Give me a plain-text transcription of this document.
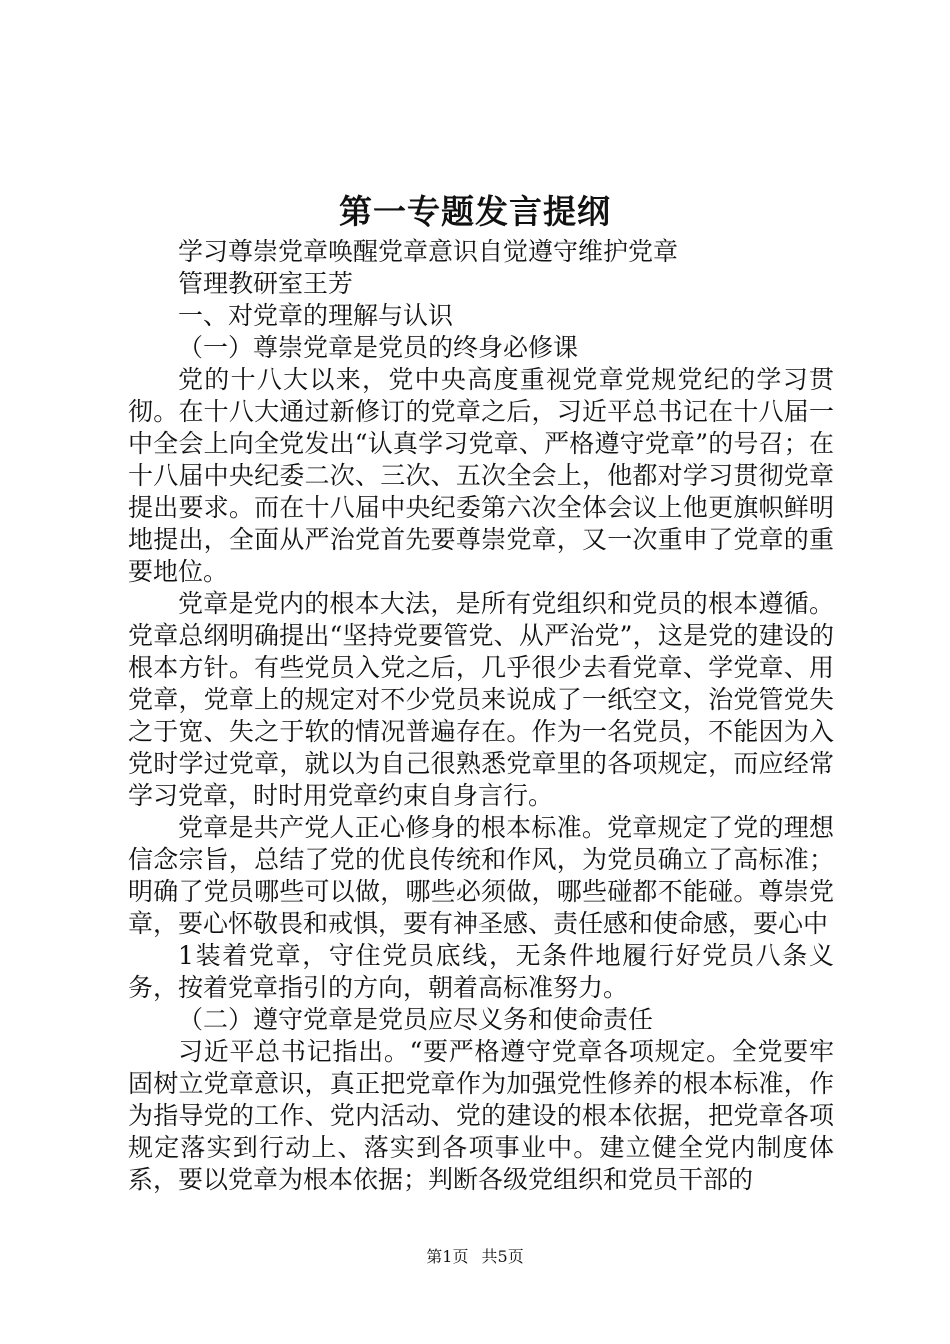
第一专题发言提纲

学习尊崇党章唤醒党章意识自觉遵守维护党章

管理教研室王芳

一、对党章的理解与认识

（一）尊崇党章是党员的终身必修课

党的十八大以来，党中央高度重视党章党规党纪的学习贯彻。在十八大通过新修订的党章之后，习近平总书记在十八届一中全会上向全党发出“认真学习党章、严格遵守党章”的号召；在十八届中央纪委二次、三次、五次全会上，他都对学习贯彻党章提出要求。而在十八届中央纪委第六次全体会议上他更旗帜鲜明地提出，全面从严治党首先要尊崇党章，又一次重申了党章的重要地位。

党章是党内的根本大法，是所有党组织和党员的根本遵循。党章总纲明确提出“坚持党要管党、从严治党”，这是党的建设的根本方针。有些党员入党之后，几乎很少去看党章、学党章、用党章，党章上的规定对不少党员来说成了一纸空文，治党管党失之于宽、失之于软的情况普遍存在。作为一名党员，不能因为入党时学过党章，就以为自己很熟悉党章里的各项规定，而应经常学习党章，时时用党章约束自身言行。

党章是共产党人正心修身的根本标准。党章规定了党的理想信念宗旨，总结了党的优良传统和作风，为党员确立了高标准；明确了党员哪些可以做，哪些必须做，哪些碰都不能碰。尊崇党章，要心怀敬畏和戒惧，要有神圣感、责任感和使命感，要心中

1装着党章，守住党员底线，无条件地履行好党员八条义务，按着党章指引的方向，朝着高标准努力。

（二）遵守党章是党员应尽义务和使命责任

习近平总书记指出。“要严格遵守党章各项规定。全党要牢固树立党章意识，真正把党章作为加强党性修养的根本标准，作为指导党的工作、党内活动、党的建设的根本依据，把党章各项规定落实到行动上、落实到各项事业中。建立健全党内制度体系，要以党章为根本依据；判断各级党组织和党员干部的

第1页 共5页
